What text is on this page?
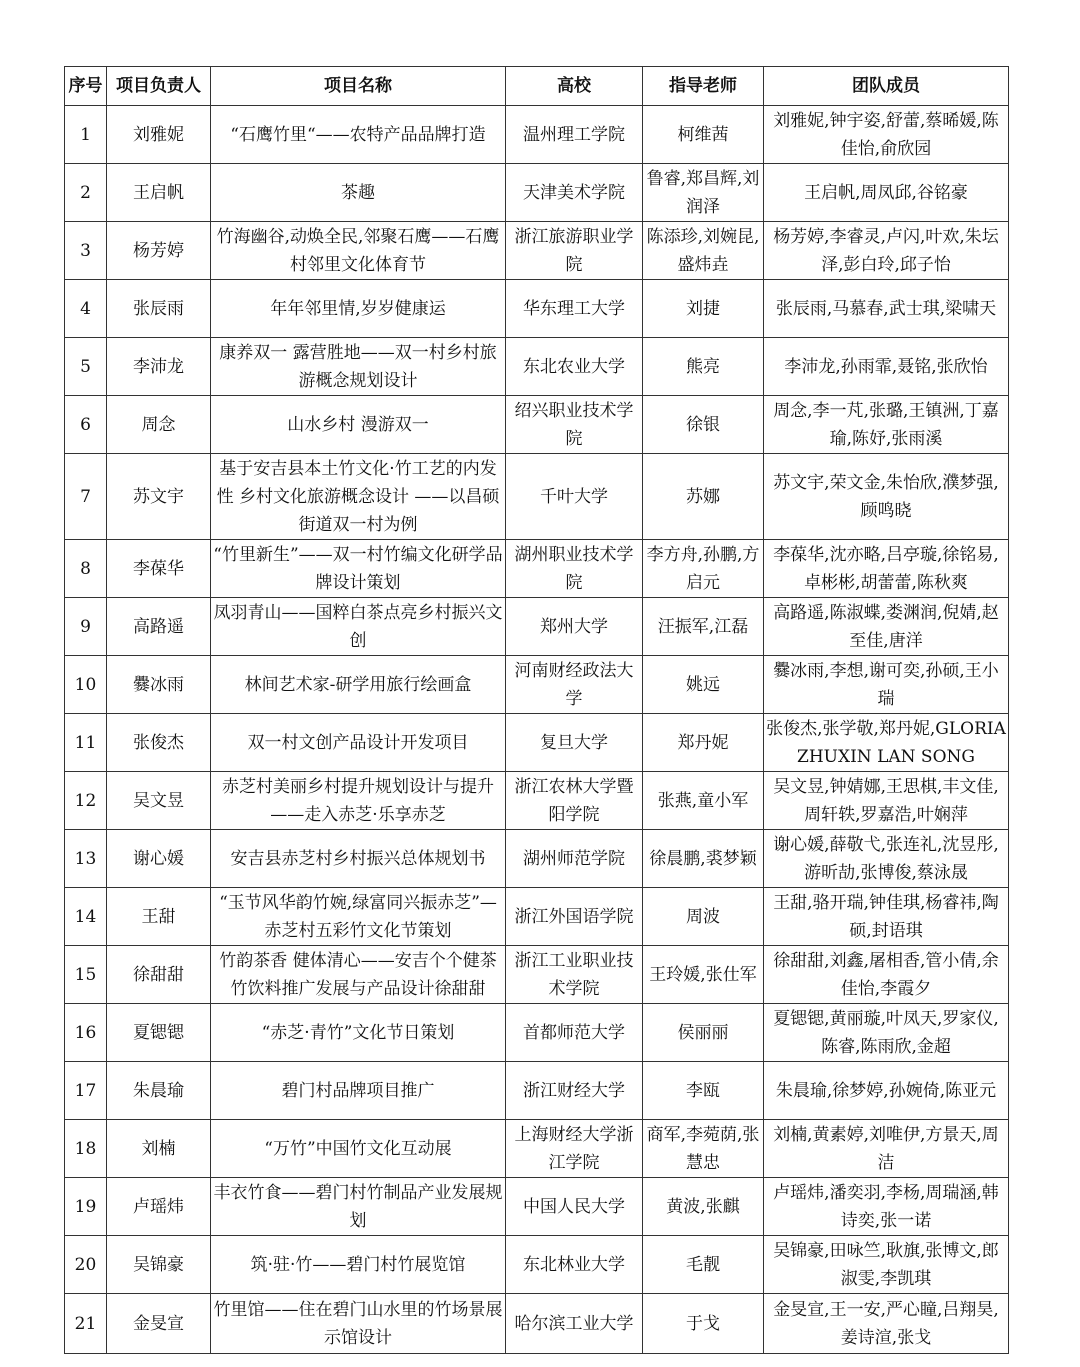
序号	项目负责人	项目名称	高校	指导老师	团队成员
1	刘雅妮	“石鹰竹里“——农特产品品牌打造	温州理工学院	柯维茜	刘雅妮,钟宇姿,舒蕾,蔡晞媛,陈佳怡,俞欣园
2	王启帆	茶趣	天津美术学院	鲁睿,郑昌辉,刘润泽	王启帆,周凤邱,谷铭豪
3	杨芳婷	竹海幽谷,动焕全民,邻聚石鹰——石鹰村邻里文化体育节	浙江旅游职业学院	陈添珍,刘婉昆,盛炜垚	杨芳婷,李睿灵,卢闪,叶欢,朱坛泽,彭白玲,邱子怡
4	张辰雨	年年邻里情,岁岁健康运	华东理工大学	刘捷	张辰雨,马慕春,武士琪,梁啸天
5	李沛龙	康养双一 露营胜地——双一村乡村旅游概念规划设计	东北农业大学	熊亮	李沛龙,孙雨霏,聂铭,张欣怡
6	周念	山水乡村 漫游双一	绍兴职业技术学院	徐银	周念,李一芃,张璐,王镇洲,丁嘉瑜,陈妤,张雨溪
7	苏文宇	基于安吉县本土竹文化·竹工艺的内发性 乡村文化旅游概念设计 ——以昌硕街道双一村为例	千叶大学	苏娜	苏文宇,荣文金,朱怡欣,濮梦强,顾鸣晓
8	李葆华	“竹里新生”——双一村竹编文化研学品牌设计策划	湖州职业技术学院	李方舟,孙鹏,方启元	李葆华,沈亦略,吕亭璇,徐铭易,卓彬彬,胡蕾蕾,陈秋爽
9	高路遥	凤羽青山——国粹白茶点亮乡村振兴文创	郑州大学	汪振军,江磊	高路遥,陈淑蝶,娄渊润,倪婧,赵至佳,唐洋
10	爨冰雨	林间艺术家-研学用旅行绘画盒	河南财经政法大学	姚远	爨冰雨,李想,谢可奕,孙硕,王小瑞
11	张俊杰	双一村文创产品设计开发项目	复旦大学	郑丹妮	张俊杰,张学敬,郑丹妮,GLORIA ZHUXIN LAN SONG
12	吴文昱	赤芝村美丽乡村提升规划设计与提升——走入赤芝·乐享赤芝	浙江农林大学暨阳学院	张燕,童小军	吴文昱,钟婧娜,王思棋,丰文佳,周轩轶,罗嘉浩,叶娴萍
13	谢心媛	安吉县赤芝村乡村振兴总体规划书	湖州师范学院	徐晨鹏,裘梦颖	谢心媛,薛敬弋,张连礼,沈昱彤,游昕劼,张博俊,蔡泳晟
14	王甜	“玉节风华韵竹婉,绿富同兴振赤芝”—赤芝村五彩竹文化节策划	浙江外国语学院	周波	王甜,骆开瑞,钟佳琪,杨睿祎,陶硕,封语琪
15	徐甜甜	竹韵茶香 健体清心——安吉个个健茶竹饮料推广发展与产品设计徐甜甜	浙江工业职业技术学院	王玲媛,张仕军	徐甜甜,刘鑫,屠相香,管小倩,余佳怡,李霞夕
16	夏锶锶	“赤芝·青竹”文化节日策划	首都师范大学	侯丽丽	夏锶锶,黄丽璇,叶凤天,罗家仪,陈睿,陈雨欣,金超
17	朱晨瑜	碧门村品牌项目推广	浙江财经大学	李瓯	朱晨瑜,徐梦婷,孙婉倚,陈亚元
18	刘楠	“万竹”中国竹文化互动展	上海财经大学浙江学院	商军,李菀荫,张慧忠	刘楠,黄素婷,刘唯伊,方景天,周洁
19	卢瑶炜	丰衣竹食——碧门村竹制品产业发展规划	中国人民大学	黄波,张麒	卢瑶炜,潘奕羽,李杨,周瑞涵,韩诗奕,张一诺
20	吴锦豪	筑·驻·竹——碧门村竹展览馆	东北林业大学	毛靓	吴锦豪,田咏竺,耿旗,张博文,郎淑雯,李凯琪
21	金旻宣	竹里馆——住在碧门山水里的竹场景展示馆设计	哈尔滨工业大学	于戈	金旻宣,王一安,严心瞳,吕翔昊,姜诗渲,张戈
